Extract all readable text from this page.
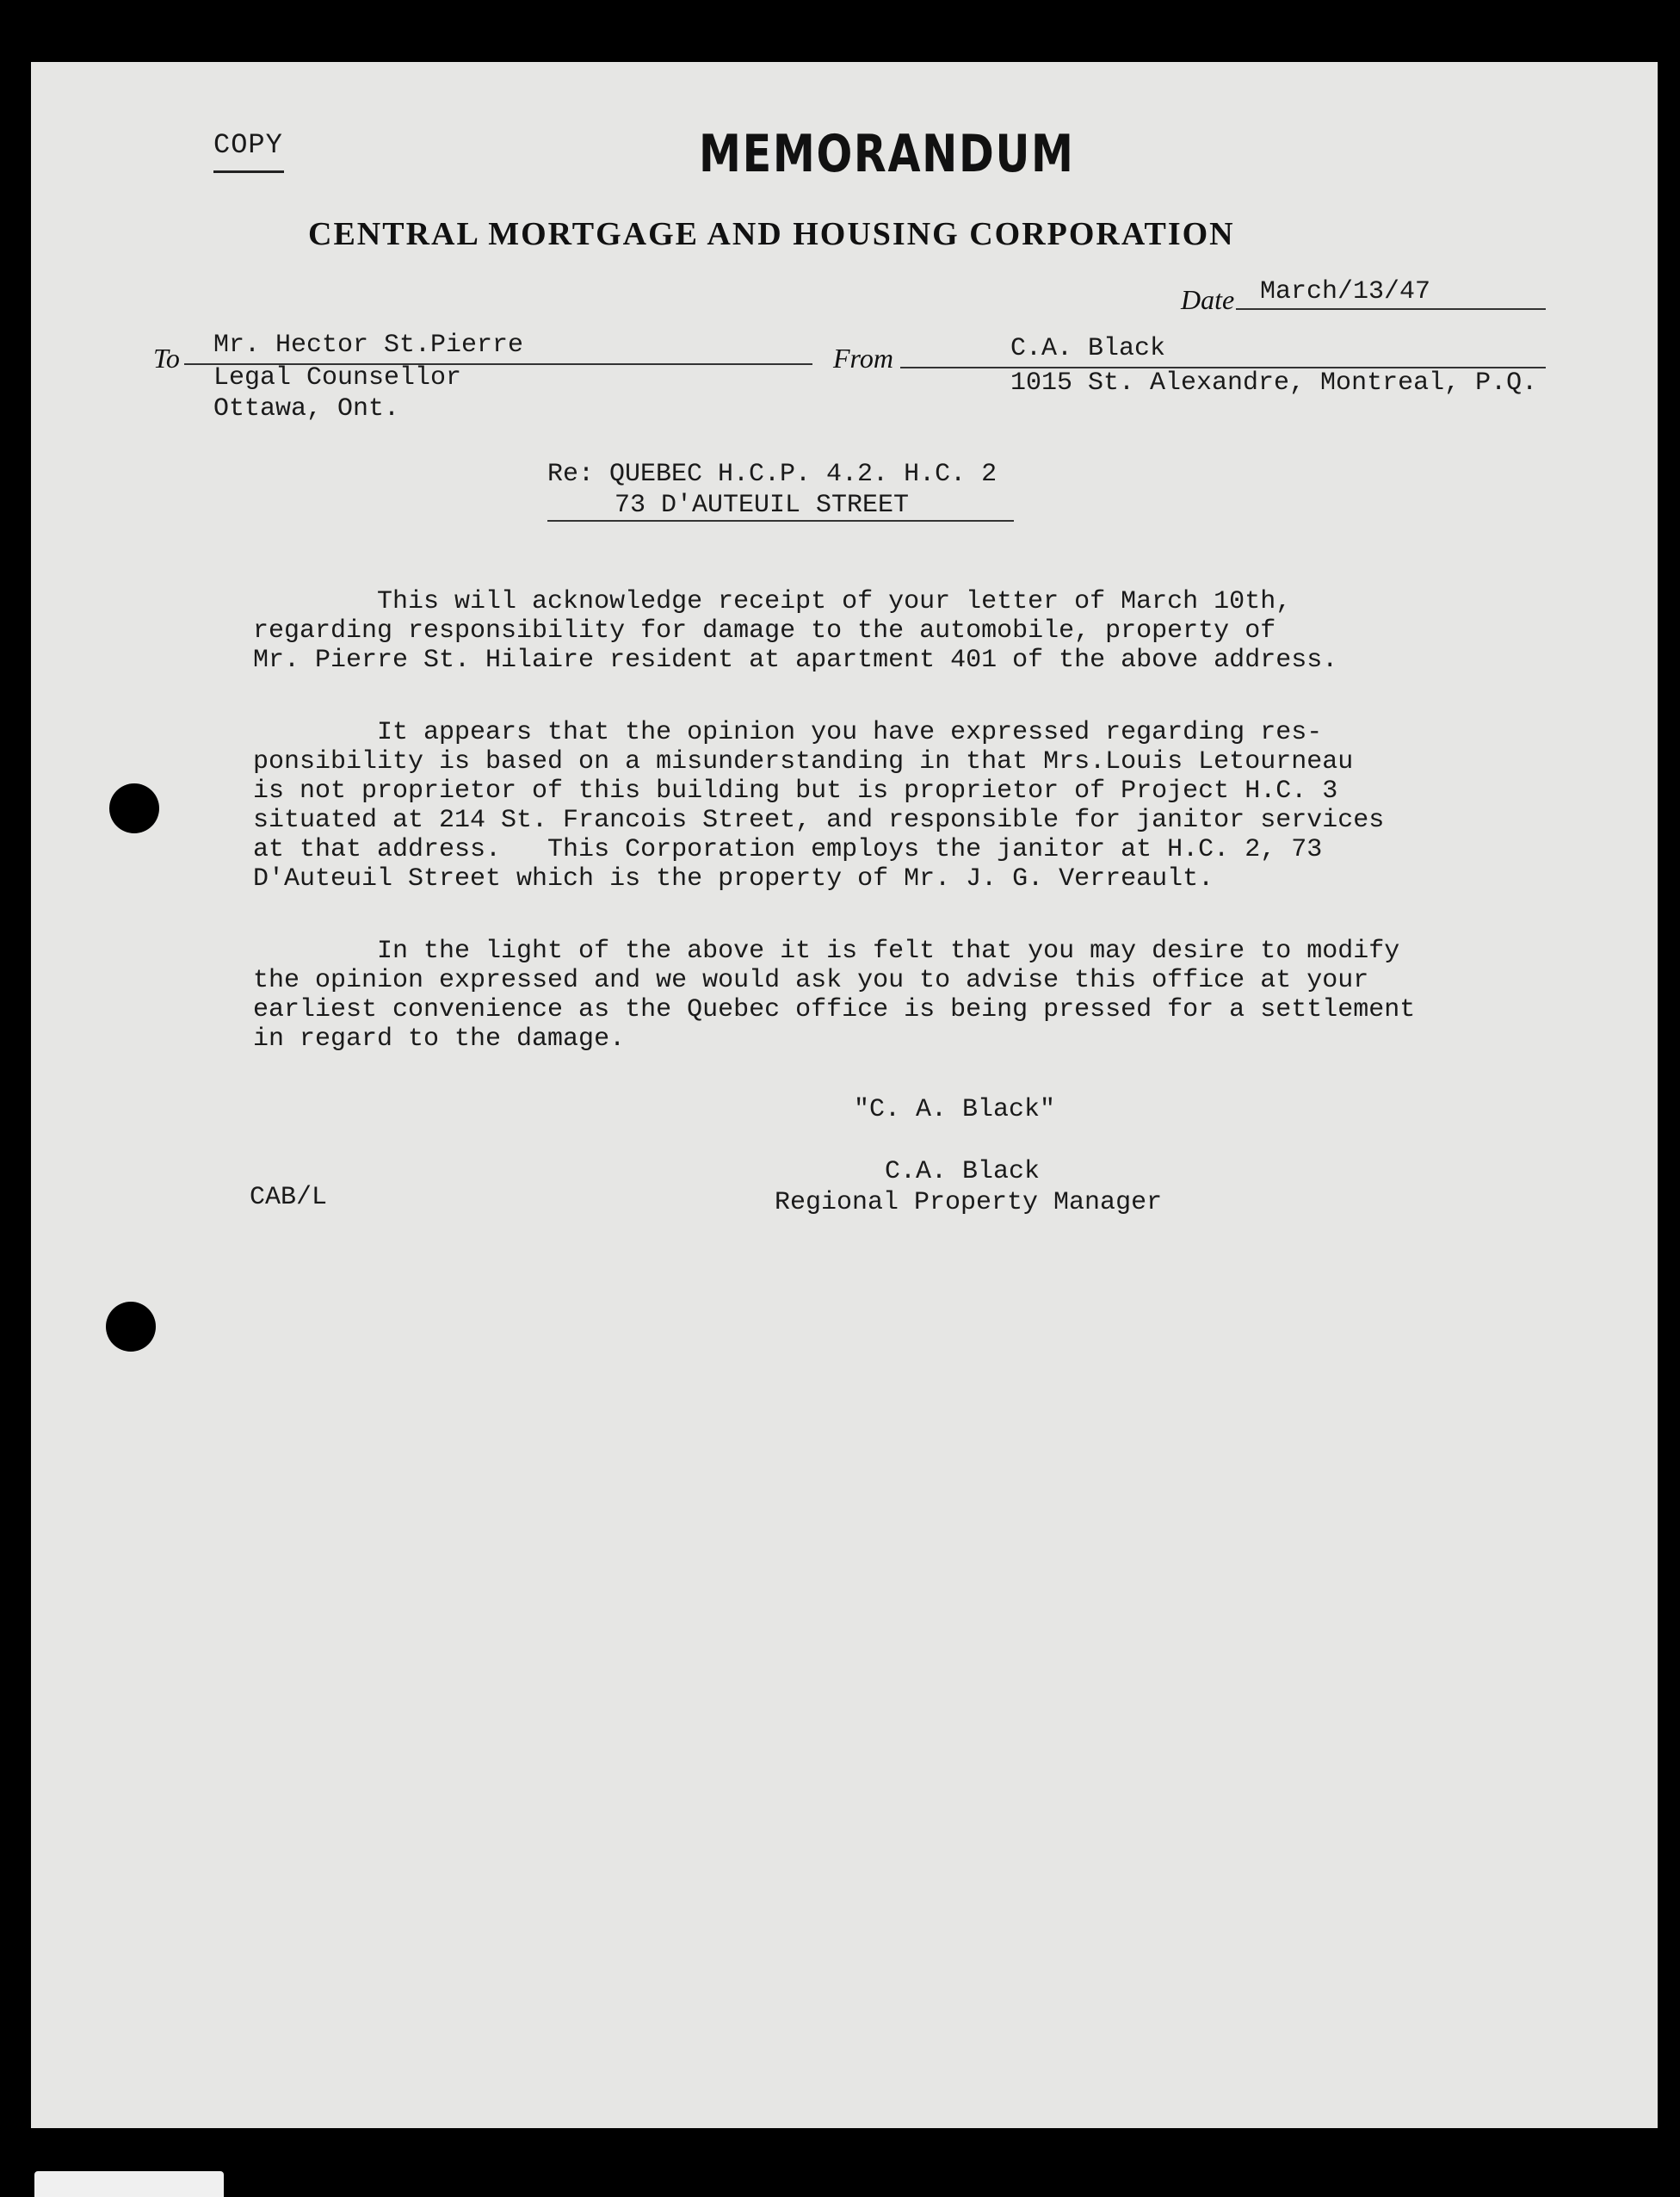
COPY	MEMORANDUM
CENTRAL MORTGAGE AND HOUSING CORPORATION
Date March/13/47
To Mr. Hector St.Pierre
Legal Counsellor
Ottawa, Ont.
From	C.A. Black
1015 St. Alexandre, Montreal, P.Q.
Re: QUEBEC H.C.P. 4.2. H.C. 2
73 D'AUTEUIL STREET
This will acknowledge receipt of your letter of March 10th,
regarding responsibility for damage to the automobile, property of
Mr. Pierre St. Hilaire resident at apartment 401 of the above address.
It appears that the opinion you have expressed regarding res-
ponsibility is based on a misunderstanding in that Mrs.Louis Letourneau
is not proprietor of this building but is proprietor of Project H.C. 3
situated at 214 St. Francois Street, and responsible for janitor services
at that address.   This Corporation employs the janitor at H.C. 2, 73
D'Auteuil Street which is the property of Mr. J. G. Verreault.
In the light of the above it is felt that you may desire to modify
the opinion expressed and we would ask you to advise this office at your
earliest convenience as the Quebec office is being pressed for a settlement
in regard to the damage.
"C. A. Black"
C.A. Black
Regional Property Manager
CAB/L
